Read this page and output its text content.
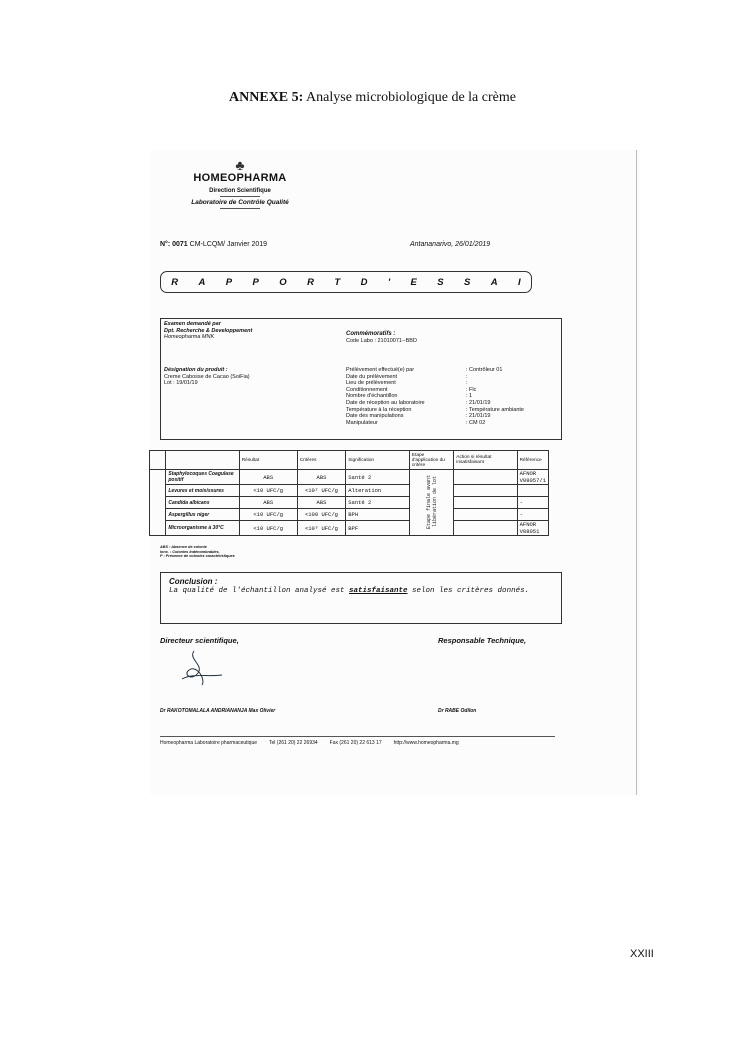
ANNEXE 5: Analyse microbiologique de la crème
♣
HOMEOPHARMA
Direction Scientifique
Laboratoire de Contrôle Qualité
N°: 0071 CM-LCQM/ Janvier 2019	Antananarivo, 26/01/2019
R A P P O R T D ' E S S A I
Examen demandé par
Dpt. Recherche & Developpement
Homeopharma MNK
Commémoratifs :
Code Labo : 21010071--BBD
Désignation du produit :
Creme Cabosse de Cacao (SoiFia)
Lot : 19/01/19
Prélèvement effectué(e) par	: Contrôleur 01
Date du prélèvement	:
Lieu de prélèvement	:
Conditionnement	: Flc
Nombre d'échantillon	: 1
Date de réception au laboratoire	: 21/01/19
Température à la réception	: Température ambiante
Date des manipulations	: 21/01/19
Manipulateur	: CM 02
		Résultat	Critères	Signification	Etape d'application du critère	Action si résultat insatisfaisant	Référence
	Staphylocoques Coagulase positif	ABS	ABS	Santé 2	Etape finale avant libération de lot		AFNOR V08057/1
	Levures et moisissures	<10 UFC/g	<10² UFC/g	Alteration			
	Candida albicans	ABS	ABS	Santé 2			-
	Aspergillus niger	<10 UFC/g	<100 UFC/g	BPH			-
	Microorganisme à 30°C	<10 UFC/g	<10³ UFC/g	BPF			AFNOR V08051
ABS : Absence de colonie
Innc. : Colonies Indénombrables,
P : Présence de colonies caractéristiques
Conclusion :
La qualité de l'échantillon analysé est satisfaisante selon les critères donnés.
Directeur scientifique,	Responsable Technique,
Dr RAKOTOMALALA ANDRIANANJA Max Olivier	Dr RABE Odilon
Homeopharma Laboratoire pharmaceutique Tel (261 20) 22 26934 Fax (261 20) 22 613 17 http://www.homeopharma.mg
XXIII
